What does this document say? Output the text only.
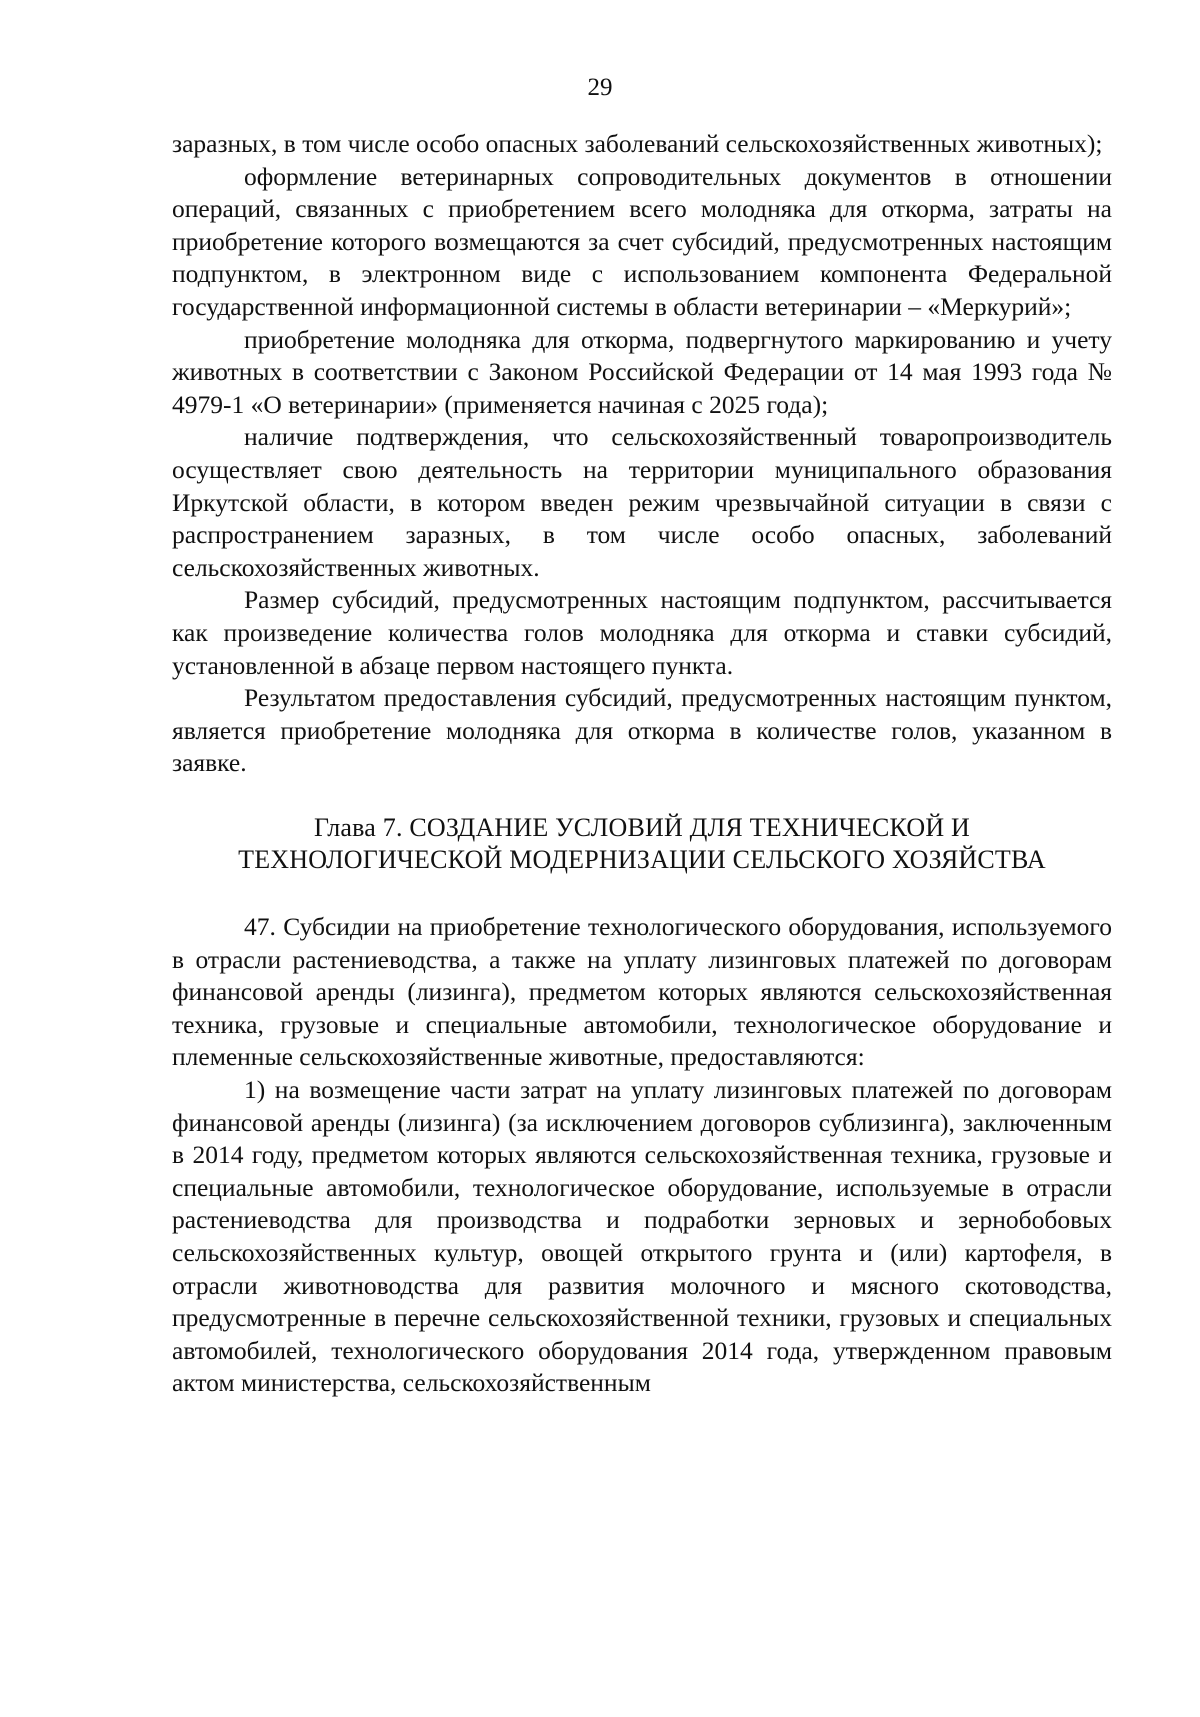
29

заразных, в том числе особо опасных заболеваний сельскохозяйственных животных);

оформление ветеринарных сопроводительных документов в отношении операций, связанных с приобретением всего молодняка для откорма, затраты на приобретение которого возмещаются за счет субсидий, предусмотренных настоящим подпунктом, в электронном виде с использованием компонента Федеральной государственной информационной системы в области ветеринарии – «Меркурий»;

приобретение молодняка для откорма, подвергнутого маркированию и учету животных в соответствии с Законом Российской Федерации от 14 мая 1993 года № 4979-1 «О ветеринарии» (применяется начиная с 2025 года);

наличие подтверждения, что сельскохозяйственный товаропроизводитель осуществляет свою деятельность на территории муниципального образования Иркутской области, в котором введен режим чрезвычайной ситуации в связи с распространением заразных, в том числе особо опасных, заболеваний сельскохозяйственных животных.

Размер субсидий, предусмотренных настоящим подпунктом, рассчитывается как произведение количества голов молодняка для откорма и ставки субсидий, установленной в абзаце первом настоящего пункта.

Результатом предоставления субсидий, предусмотренных настоящим пунктом, является приобретение молодняка для откорма в количестве голов, указанном в заявке.

Глава 7. СОЗДАНИЕ УСЛОВИЙ ДЛЯ ТЕХНИЧЕСКОЙ И
ТЕХНОЛОГИЧЕСКОЙ МОДЕРНИЗАЦИИ СЕЛЬСКОГО ХОЗЯЙСТВА

47. Субсидии на приобретение технологического оборудования, используемого в отрасли растениеводства, а также на уплату лизинговых платежей по договорам финансовой аренды (лизинга), предметом которых являются сельскохозяйственная техника, грузовые и специальные автомобили, технологическое оборудование и племенные сельскохозяйственные животные, предоставляются:

1) на возмещение части затрат на уплату лизинговых платежей по договорам финансовой аренды (лизинга) (за исключением договоров сублизинга), заключенным в 2014 году, предметом которых являются сельскохозяйственная техника, грузовые и специальные автомобили, технологическое оборудование, используемые в отрасли растениеводства для производства и подработки зерновых и зернобобовых сельскохозяйственных культур, овощей открытого грунта и (или) картофеля, в отрасли животноводства для развития молочного и мясного скотоводства, предусмотренные в перечне сельскохозяйственной техники, грузовых и специальных автомобилей, технологического оборудования 2014 года, утвержденном правовым актом министерства, сельскохозяйственным
